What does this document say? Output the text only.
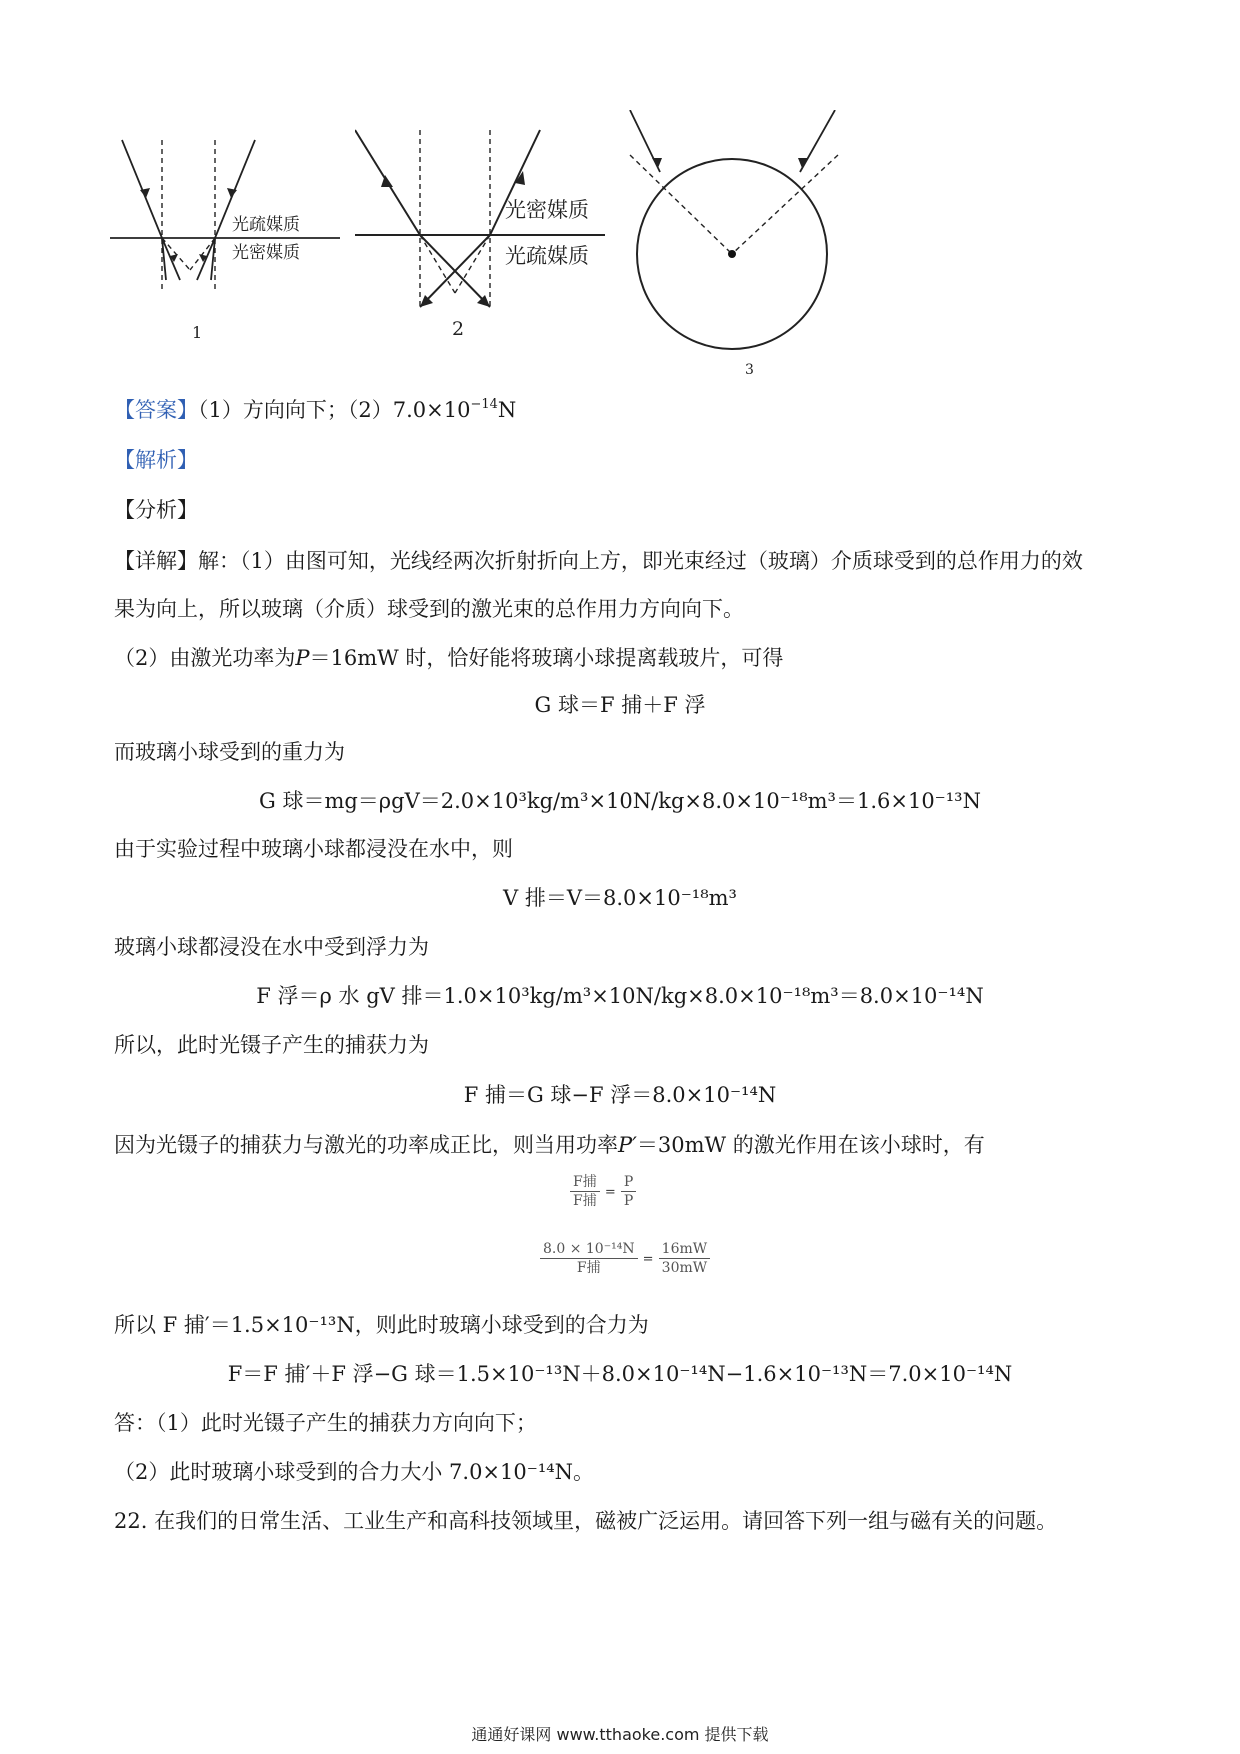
光疏媒质
光密媒质
1
光密媒质
光疏媒质
2
3
【答案】（1）方向向下；$(2)7.0\times 10^{-14}N$
【解析】
【分析】
【详解】解：（1）由图可知，光线经两次折射折向上方，即光束经过（玻璃）介质球受到的总作用力的效
果为向上，所以玻璃（介质）球受到的激光束的总作用力方向向下。
（2）由激光功率为P＝16mW 时，恰好能将玻璃小球提离载玻片，可得
G 球＝F 捕＋F 浮
而玻璃小球受到的重力为
G 球＝mg＝ρgV＝2.0×10³kg/m³×10N/kg×8.0×10⁻¹⁸m³＝1.6×10⁻¹³N
由于实验过程中玻璃小球都浸没在水中，则
V 排＝V＝8.0×10⁻¹⁸m³
玻璃小球都浸没在水中受到浮力为
F 浮＝ρ 水 gV 排＝1.0×10³kg/m³×10N/kg×8.0×10⁻¹⁸m³＝8.0×10⁻¹⁴N
所以，此时光镊子产生的捕获力为
F 捕＝G 球−F 浮＝8.0×10⁻¹⁴N
因为光镊子的捕获力与激光的功率成正比，则当用功率P′＝30mW 的激光作用在该小球时，有
$\frac{\text{F捕}}{\text{F捕}} = \frac{P}{P}$
$\frac{\text{8.0 × 10⁻¹⁴N}}{\text{F捕}} = \frac{16mW}{30mW}$
所以 F 捕′＝1.5×10⁻¹³N，则此时玻璃小球受到的合力为
F＝F 捕′＋F 浮−G 球＝1.5×10⁻¹³N＋8.0×10⁻¹⁴N−1.6×10⁻¹³N＝7.0×10⁻¹⁴N
答：（1）此时光镊子产生的捕获力方向向下；
（2）此时玻璃小球受到的合力大小 7.0×10⁻¹⁴N。
22. 在我们的日常生活、工业生产和高科技领域里，磁被广泛运用。请回答下列一组与磁有关的问题。
通通好课网 www.tthaoke.com 提供下载
